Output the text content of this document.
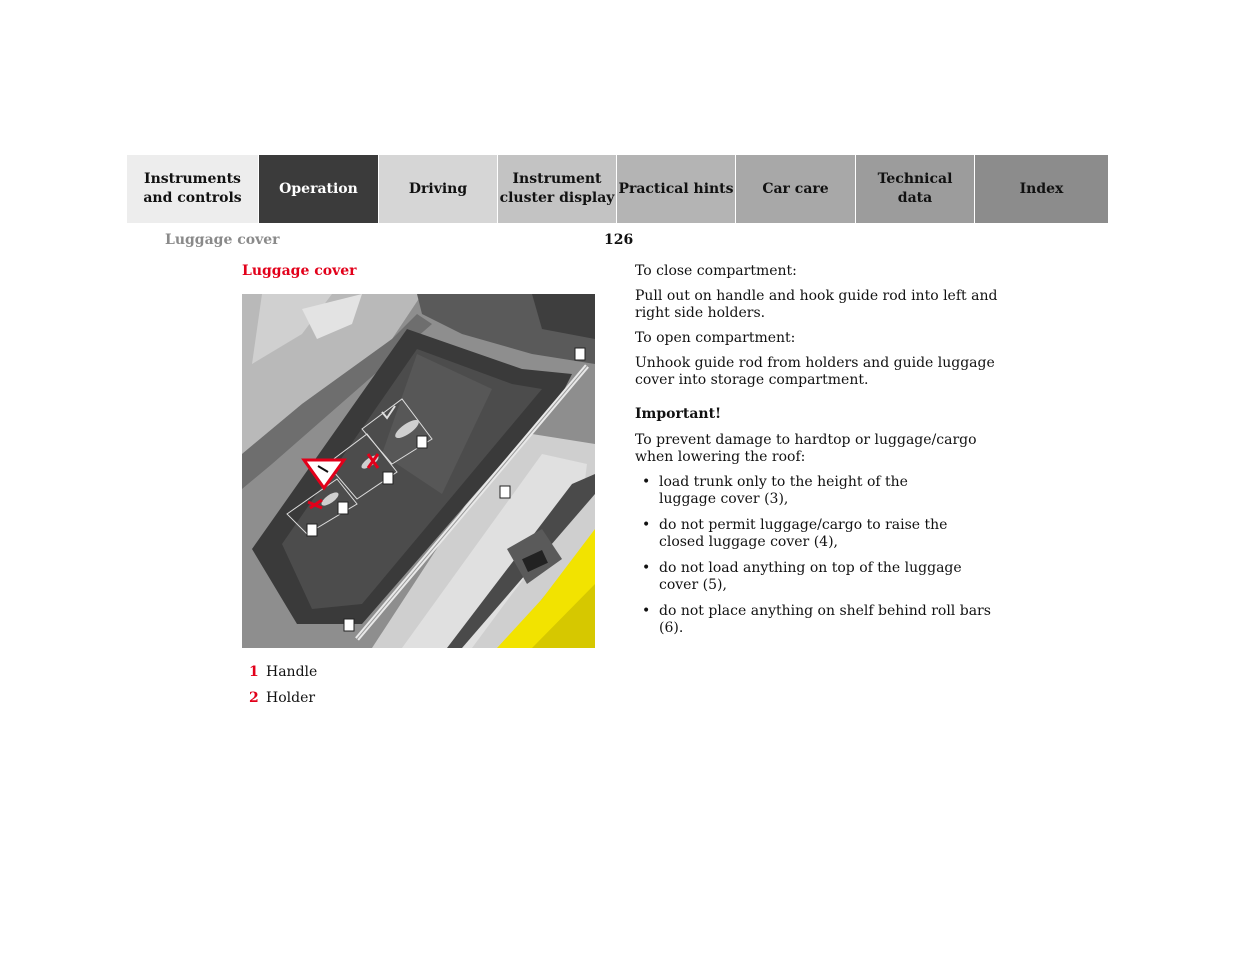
Instruments
and controls
Operation	Driving
Instrument
cluster display
Practical hints Car care
Technical
data
Index
Luggage cover	126
Luggage cover
1 Handle
2 Holder

To close compartment:

Pull out on handle and hook guide rod into left and right side holders.

To open compartment:

Unhook guide rod from holders and guide luggage cover into storage compartment.

Important!

To prevent damage to hardtop or luggage/cargo when lowering the roof:

• load trunk only to the height of the luggage cover (3),
• do not permit luggage/cargo to raise the closed luggage cover (4),
• do not load anything on top of the luggage cover (5),
• do not place anything on shelf behind roll bars (6).
